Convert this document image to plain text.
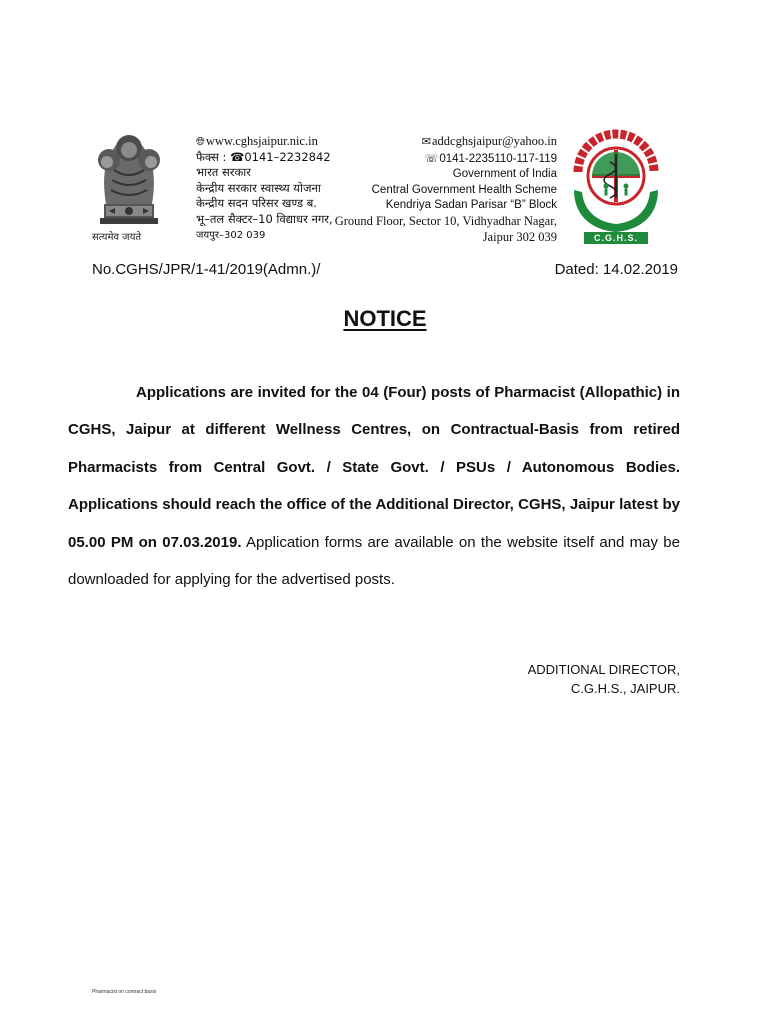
सत्यमेव जयते
🌐︎www.cghsjaipur.nic.in
फैक्स : ☎0141–2232842
भारत सरकार
केन्द्रीय सरकार स्वास्थ्य योजना
केन्द्रीय सदन परिसर खण्ड ब.
भू–तल सैक्टर–10 विद्याधर नगर,
जयपुर–302 039
✉addcghsjaipur@yahoo.in
☏0141-2235110-117-119
Government of India
Central Government Health Scheme
Kendriya Sadan Parisar “B” Block
Ground Floor, Sector 10, Vidhyadhar Nagar,
Jaipur 302 039	C.G.H.S.
No.CGHS/JPR/1-41/2019(Admn.)/	Dated: 14.02.2019
NOTICE

Applications are invited for the 04 (Four) posts of Pharmacist (Allopathic) in CGHS, Jaipur at different Wellness Centres, on Contractual-Basis from retired Pharmacists from Central Govt. / State Govt. / PSUs / Autonomous Bodies. Applications should reach the office of the Additional Director, CGHS, Jaipur latest by 05.00 PM on 07.03.2019. Application forms are available on the website itself and may be downloaded for applying for the advertised posts.

ADDITIONAL DIRECTOR,
C.G.H.S., JAIPUR.
Pharmacist on contract basis
